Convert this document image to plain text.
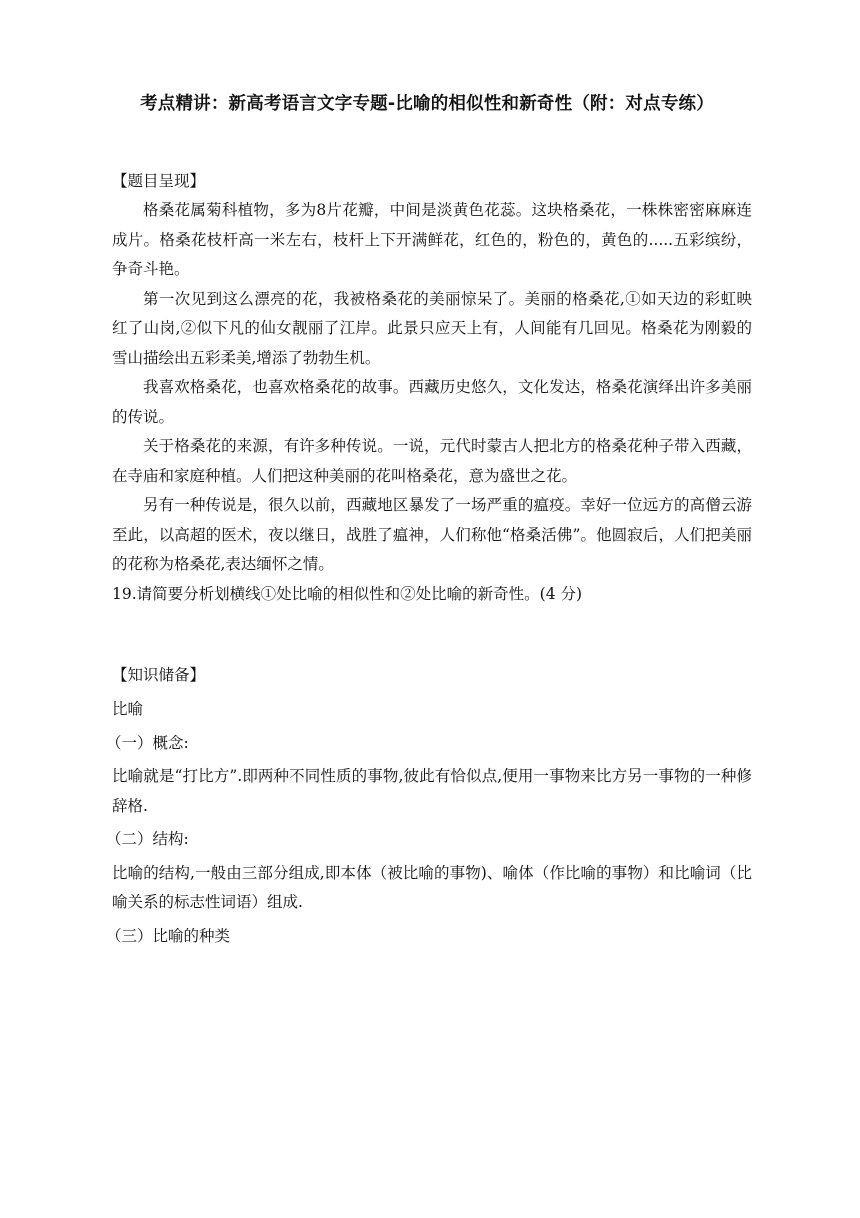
考点精讲：新高考语言文字专题-比喻的相似性和新奇性（附：对点专练）

【题目呈现】

格桑花属菊科植物，多为8片花瓣，中间是淡黄色花蕊。这块格桑花，一株株密密麻麻连成片。格桑花枝杆高一米左右，枝杆上下开满鲜花，红色的，粉色的，黄色的.....五彩缤纷，争奇斗艳。

第一次见到这么漂亮的花，我被格桑花的美丽惊呆了。美丽的格桑花,①如天边的彩虹映红了山岗,②似下凡的仙女靓丽了江岸。此景只应天上有，人间能有几回见。格桑花为刚毅的雪山描绘出五彩柔美,增添了勃勃生机。

我喜欢格桑花，也喜欢格桑花的故事。西藏历史悠久，文化发达，格桑花演绎出许多美丽的传说。

关于格桑花的来源，有许多种传说。一说，元代时蒙古人把北方的格桑花种子带入西藏，在寺庙和家庭种植。人们把这种美丽的花叫格桑花，意为盛世之花。

另有一种传说是，很久以前，西藏地区暴发了一场严重的瘟疫。幸好一位远方的高僧云游至此，以高超的医术，夜以继日，战胜了瘟神，人们称他“格桑活佛”。他圆寂后，人们把美丽的花称为格桑花,表达缅怀之情。

19.请简要分析划横线①处比喻的相似性和②处比喻的新奇性。(4 分)

【知识储备】

比喻

（一）概念:

比喻就是“打比方”.即两种不同性质的事物,彼此有恰似点,便用一事物来比方另一事物的一种修辞格.

（二）结构:

比喻的结构,一般由三部分组成,即本体（被比喻的事物)、喻体（作比喻的事物）和比喻词（比喻关系的标志性词语）组成.

（三）比喻的种类
